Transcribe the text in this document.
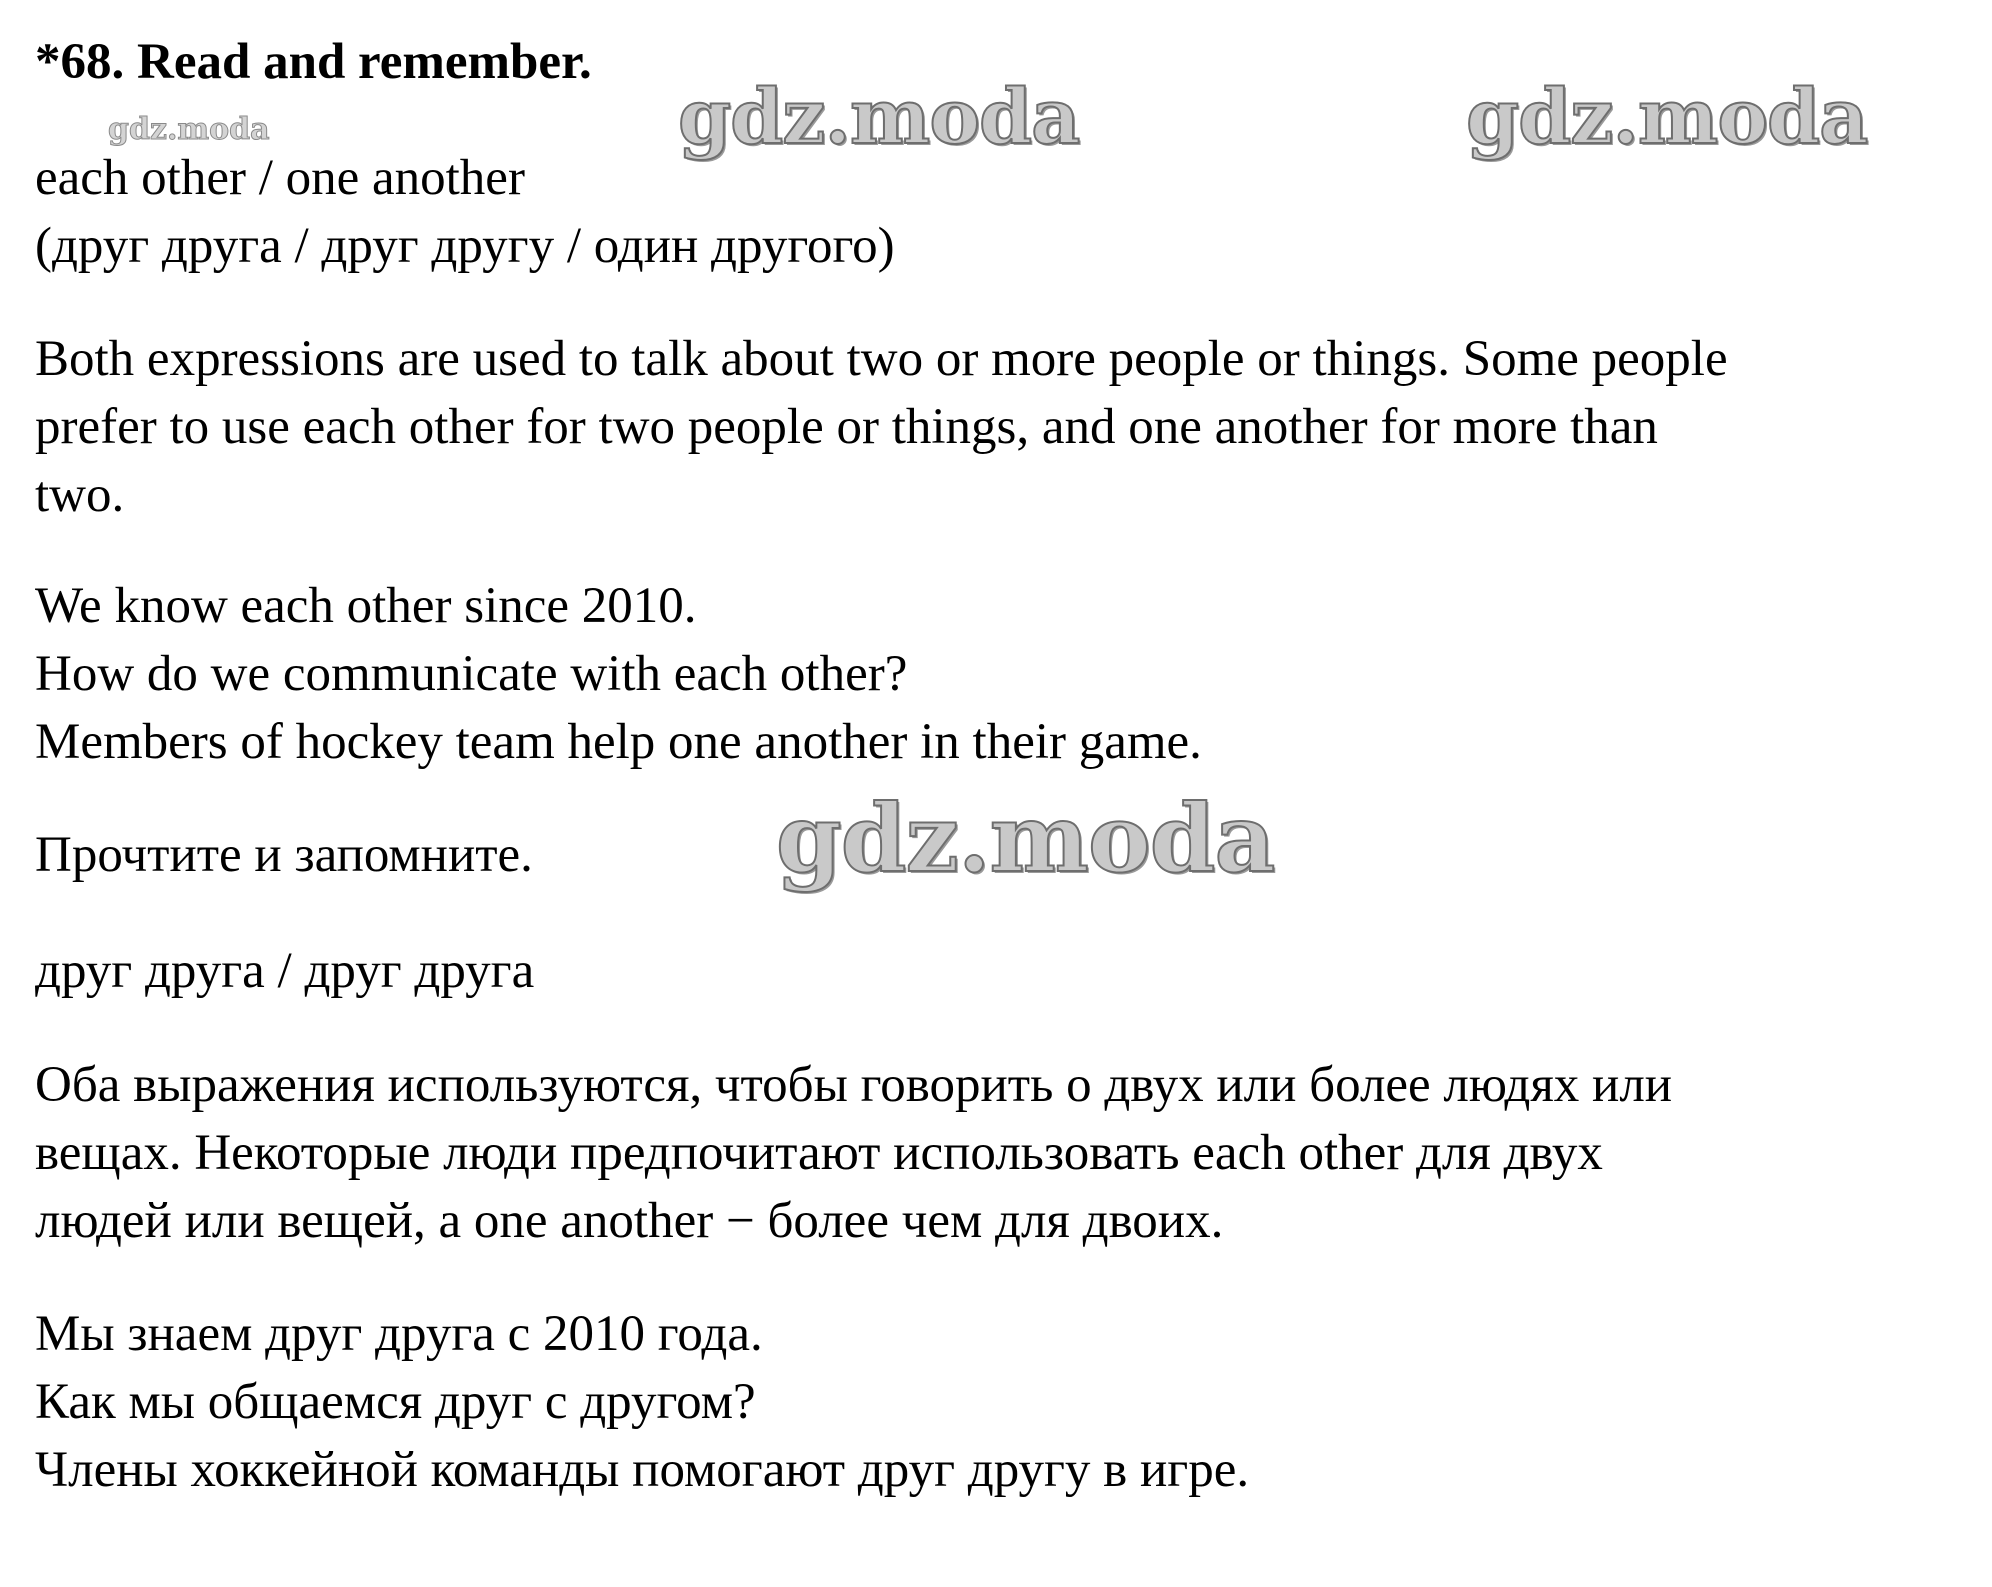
*68. Read and remember.
each other / one another
(друг друга / друг другу / один другого)
Both expressions are used to talk about two or more people or things. Some people
prefer to use each other for two people or things, and one another for more than
two.
We know each other since 2010.
How do we communicate with each other?
Members of hockey team help one another in their game.
Прочтите и запомните.
друг друга / друг друга
Оба выражения используются, чтобы говорить о двух или более людях или
вещах. Некоторые люди предпочитают использовать each other для двух
людей или вещей, а one another − более чем для двоих.
Мы знаем друг друга с 2010 года.
Как мы общаемся друг с другом?
Члены хоккейной команды помогают друг другу в игре.
gdz.moda	gdz.moda	gdz.moda
gdz.moda
